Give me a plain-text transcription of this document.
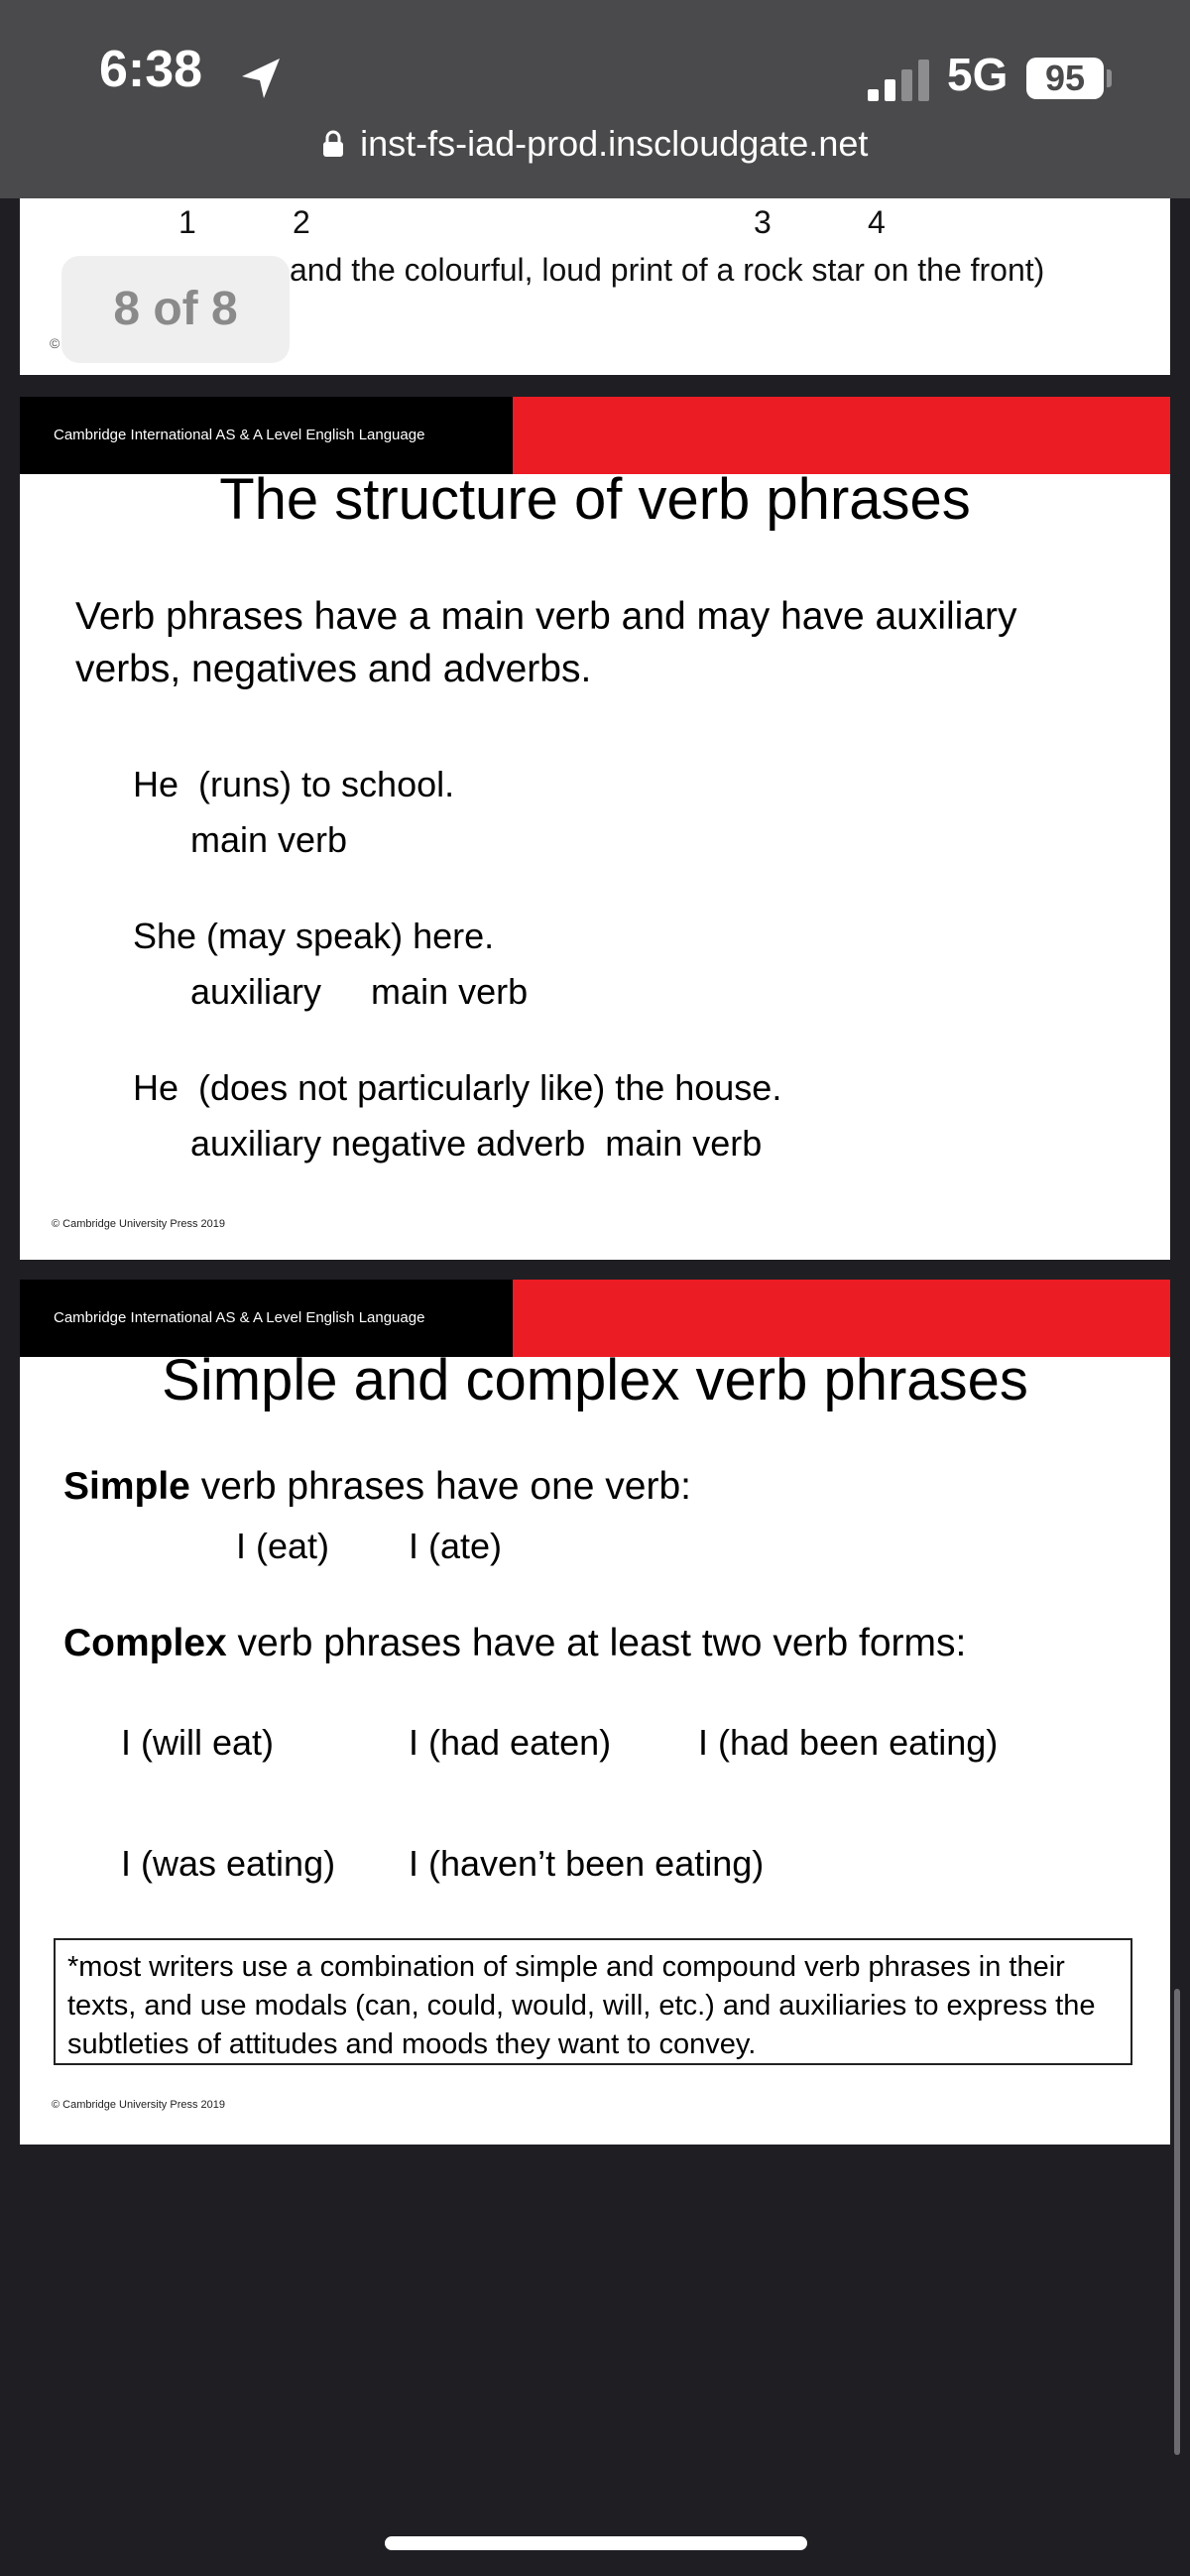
6:38	5G	95
inst-fs-iad-prod.inscloudgate.net
1	2	3	4
and the colourful, loud print of a rock star on the front)
©
8 of 8
Cambridge International AS & A Level English Language
The structure of verb phrases
Verb phrases have a main verb and may have auxiliary
verbs, negatives and adverbs.
He  (runs) to school.
main verb
She (may speak) here.
auxiliary     main verb
He  (does not particularly like) the house.
auxiliary negative adverb  main verb
© Cambridge University Press 2019
Cambridge International AS & A Level English Language
Simple and complex verb phrases
Simple verb phrases have one verb:
I (eat) I (ate)
Complex verb phrases have at least two verb forms:
I (will eat)	I (had eaten) I (had been eating)
I (was eating) I (haven’t been eating)
*most writers use a combination of simple and compound verb phrases in their texts, and use modals (can, could, would, will, etc.) and auxiliaries to express the subtleties of attitudes and moods they want to convey.
© Cambridge University Press 2019
